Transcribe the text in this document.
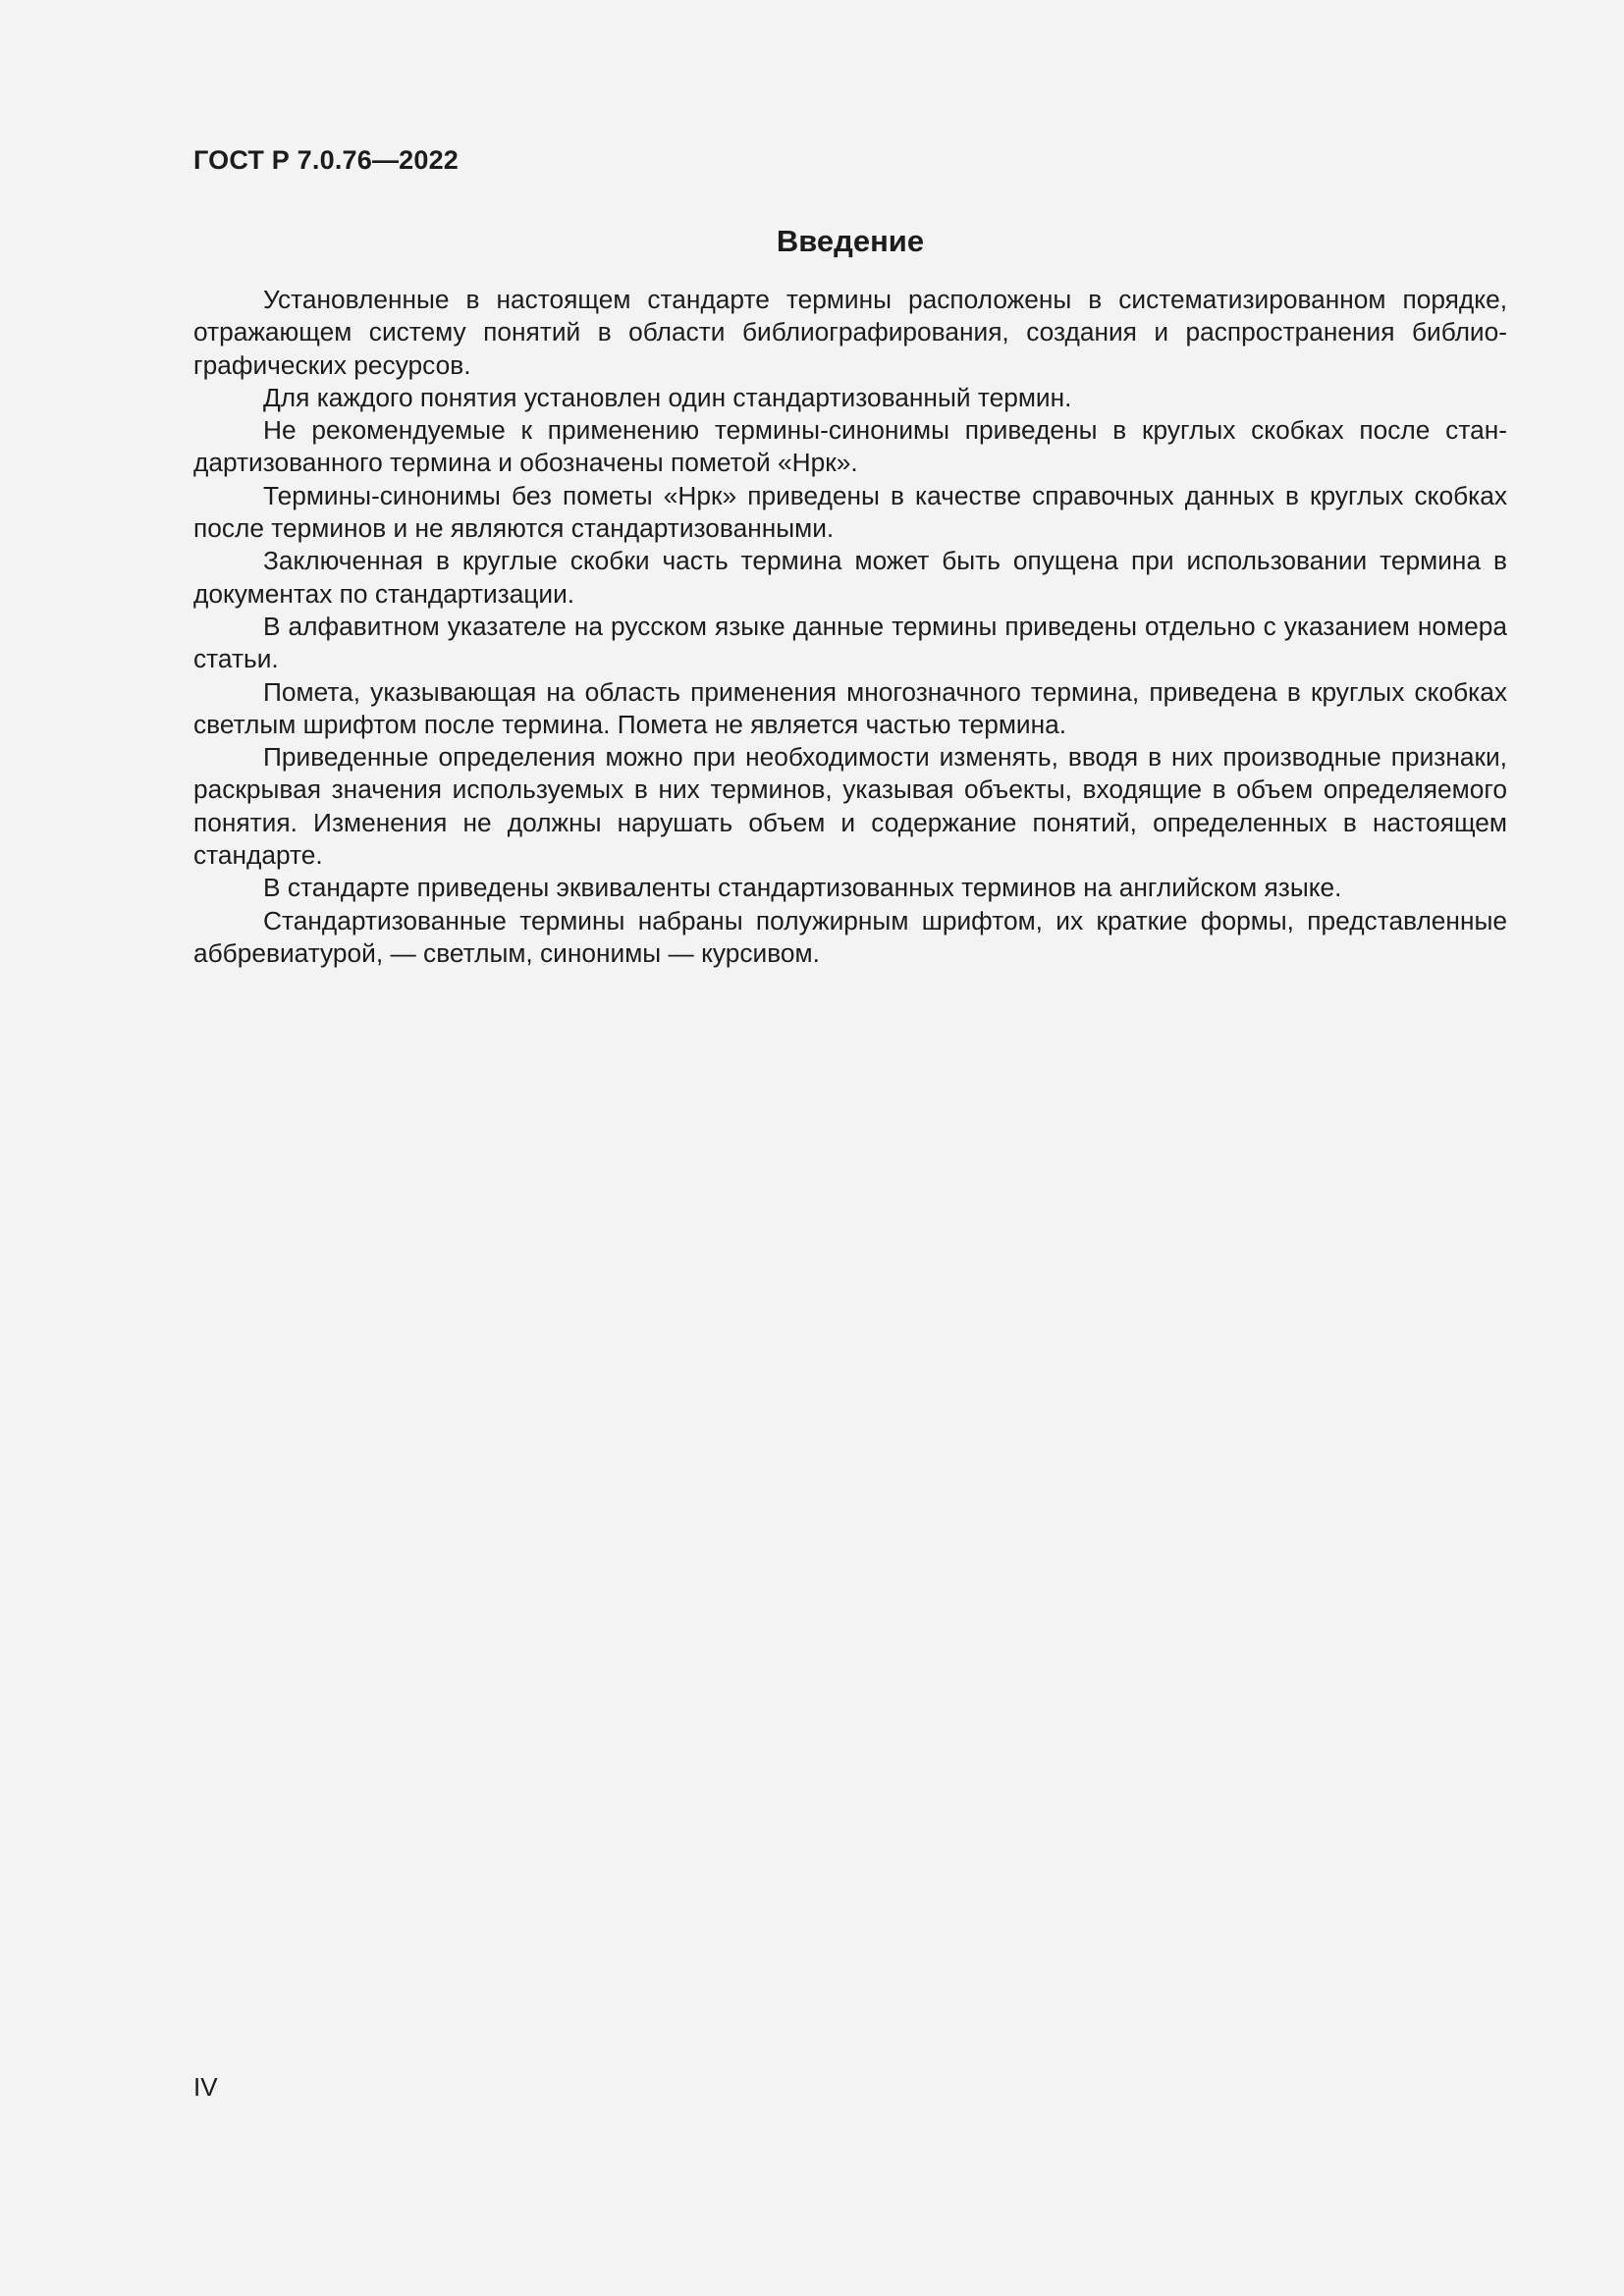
ГОСТ Р 7.0.76—2022

Введение

Установленные в настоящем стандарте термины расположены в систематизированном порядке, отражающем систему понятий в области библиографирования, создания и распространения библиографических ресурсов.

Для каждого понятия установлен один стандартизованный термин.

Не рекомендуемые к применению термины-синонимы приведены в круглых скобках после стандартизованного термина и обозначены пометой «Нрк».

Термины-синонимы без пометы «Нрк» приведены в качестве справочных данных в круглых скобках после терминов и не являются стандартизованными.

Заключенная в круглые скобки часть термина может быть опущена при использовании термина в документах по стандартизации.

В алфавитном указателе на русском языке данные термины приведены отдельно с указанием номера статьи.

Помета, указывающая на область применения многозначного термина, приведена в круглых скобках светлым шрифтом после термина. Помета не является частью термина.

Приведенные определения можно при необходимости изменять, вводя в них производные признаки, раскрывая значения используемых в них терминов, указывая объекты, входящие в объем определяемого понятия. Изменения не должны нарушать объем и содержание понятий, определенных в настоящем стандарте.

В стандарте приведены эквиваленты стандартизованных терминов на английском языке.

Стандартизованные термины набраны полужирным шрифтом, их краткие формы, представленные аббревиатурой, — светлым, синонимы — курсивом.

IV
